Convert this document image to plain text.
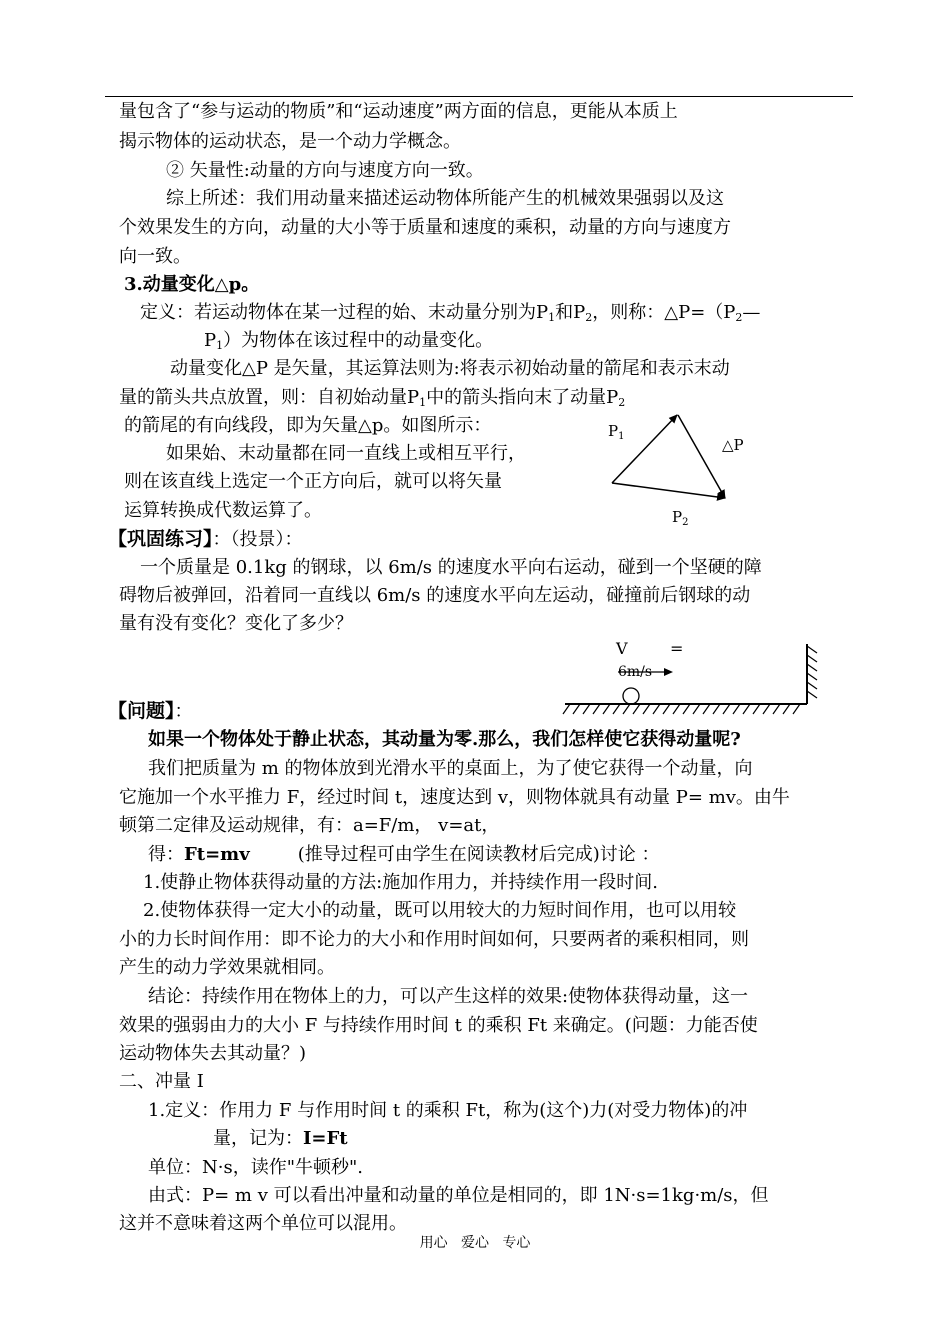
量包含了“参与运动的物质”和“运动速度”两方面的信息，更能从本质上
揭示物体的运动状态，是一个动力学概念。
② 矢量性:动量的方向与速度方向一致。
综上所述：我们用动量来描述运动物体所能产生的机械效果强弱以及这
个效果发生的方向，动量的大小等于质量和速度的乘积，动量的方向与速度方
向一致。
3.动量变化△p。
定义：若运动物体在某一过程的始、末动量分别为$P_1$和$P_2$，则称：$\triangle P=(P_2—$
$P_1$）为物体在该过程中的动量变化。
动量变化△P 是矢量，其运算法则为:将表示初始动量的箭尾和表示末动
量的箭头共点放置，则：自初始动量$P_1$中的箭头指向末了动量$P_2$
的箭尾的有向线段，即为矢量△p。如图所示：
如果始、末动量都在同一直线上或相互平行，
则在该直线上选定一个正方向后，就可以将矢量
运算转换成代数运算了。
$P_1$	△P
$P_2$
【巩固练习】：（投景）：
一个质量是 0.1kg 的钢球，以 6m/s 的速度水平向右运动，碰到一个坚硬的障
碍物后被弹回，沿着同一直线以 6m/s 的速度水平向左运动，碰撞前后钢球的动
量有没有变化？变化了多少？
V	=
6m/s
【问题】：
如果一个物体处于静止状态，其动量为零.那么，我们怎样使它获得动量呢?
我们把质量为 m 的物体放到光滑水平的桌面上，为了使它获得一个动量，向
它施加一个水平推力 F，经过时间 t，速度达到 v，则物体就具有动量 P= mv。由牛
顿第二定律及运动规律，有：a=F/m， v=at，
得：Ft=mv	(推导过程可由学生在阅读教材后完成)讨论 ：
1.使静止物体获得动量的方法:施加作用力，并持续作用一段时间.
2.使物体获得一定大小的动量，既可以用较大的力短时间作用，也可以用较
小的力长时间作用：即不论力的大小和作用时间如何，只要两者的乘积相同，则
产生的动力学效果就相同。
结论：持续作用在物体上的力，可以产生这样的效果:使物体获得动量，这一
效果的强弱由力的大小 F 与持续作用时间 t 的乘积 Ft 来确定。(问题：力能否使
运动物体失去其动量？)
二、冲量 I
1.定义：作用力 F 与作用时间 t 的乘积 Ft，称为(这个)力(对受力物体)的冲
量，记为：I=Ft
单位：N·s，读作"牛顿秒".
由式：P= m v 可以看出冲量和动量的单位是相同的，即 1N·s=1kg·m/s，但
这并不意味着这两个单位可以混用。
用心   爱心   专心
